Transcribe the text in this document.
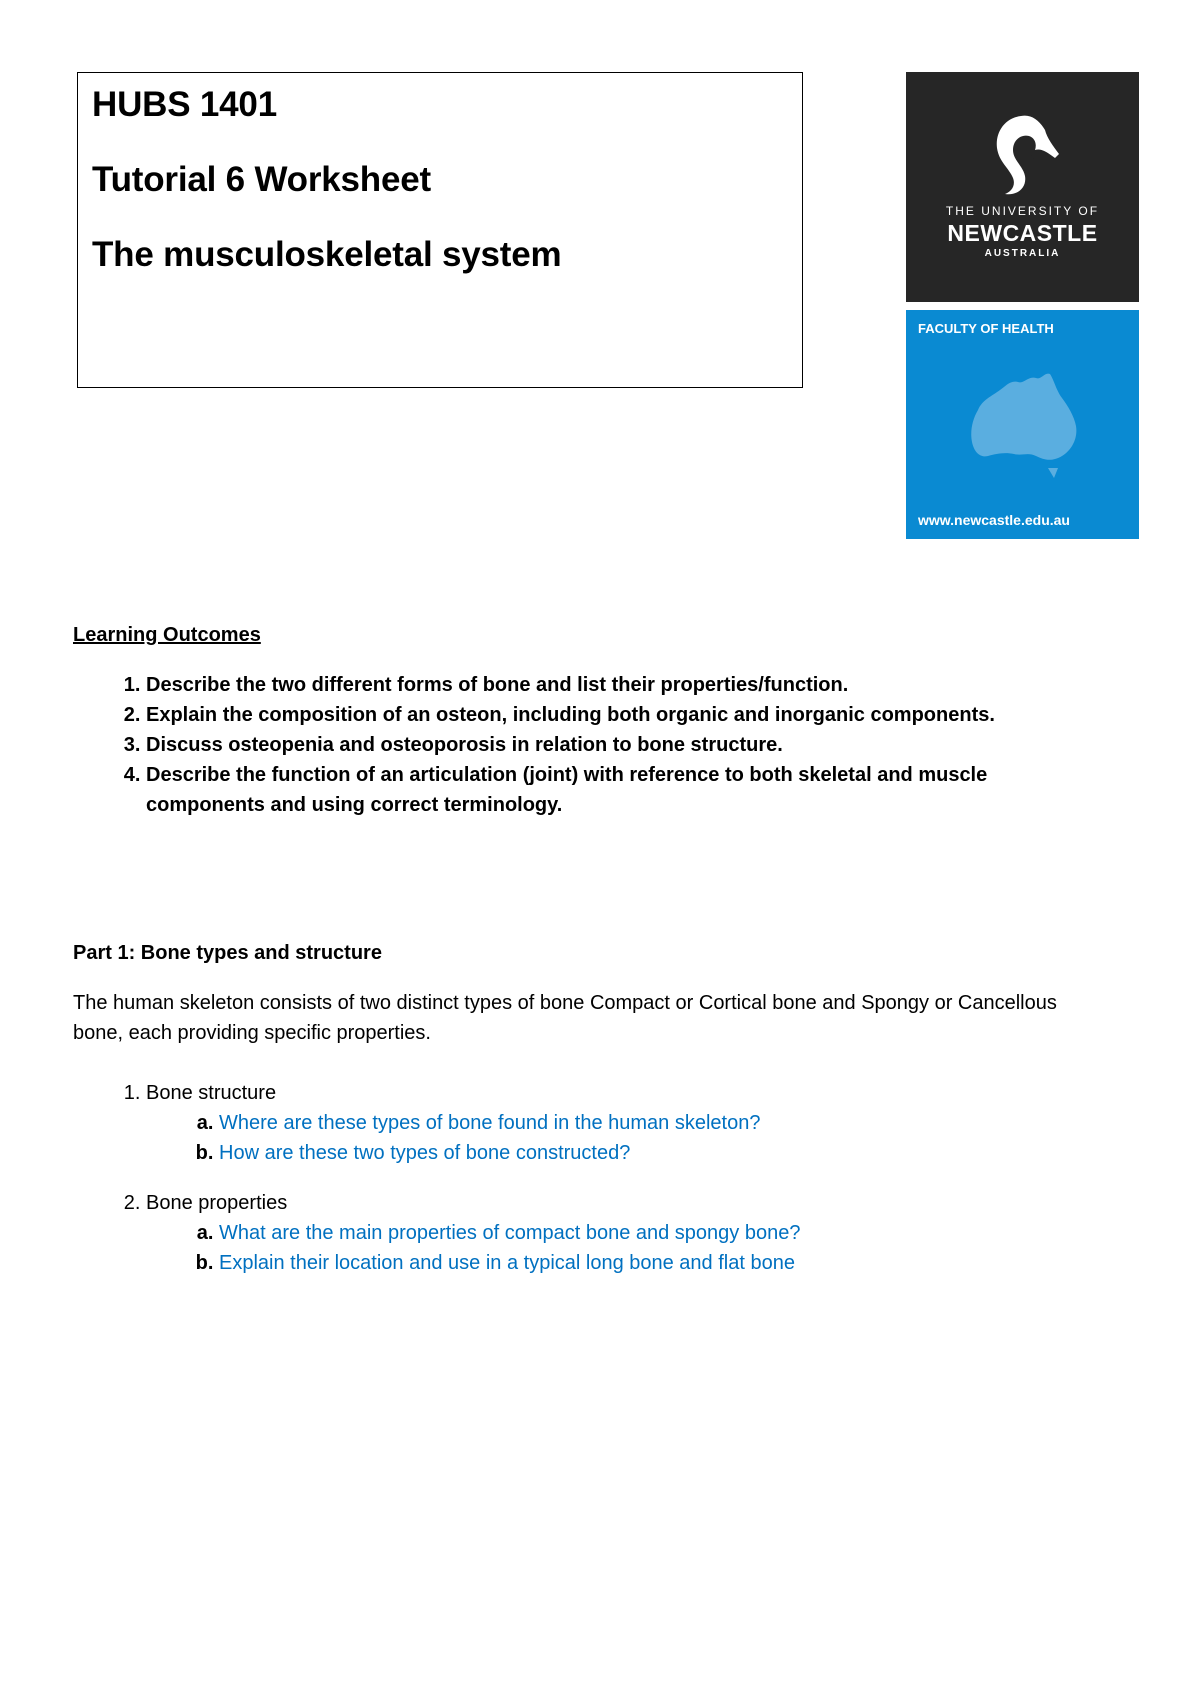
HUBS 1401

Tutorial 6 Worksheet

The musculoskeletal system

THE UNIVERSITY OF
NEWCASTLE
AUSTRALIA
FACULTY OF HEALTH
www.newcastle.edu.au
Learning Outcomes
1. Describe the two different forms of bone and list their properties/function.
2. Explain the composition of an osteon, including both organic and inorganic components.
3. Discuss osteopenia and osteoporosis in relation to bone structure.
4. Describe the function of an articulation (joint) with reference to both skeletal and muscle components and using correct terminology.
Part 1: Bone types and structure

The human skeleton consists of two distinct types of bone Compact or Cortical bone and Spongy or Cancellous bone, each providing specific properties.

1. Bone structure
a. Where are these types of bone found in the human skeleton?
b. How are these two types of bone constructed?
2. Bone properties
a. What are the main properties of compact bone and spongy bone?
b. Explain their location and use in a typical long bone and flat bone
